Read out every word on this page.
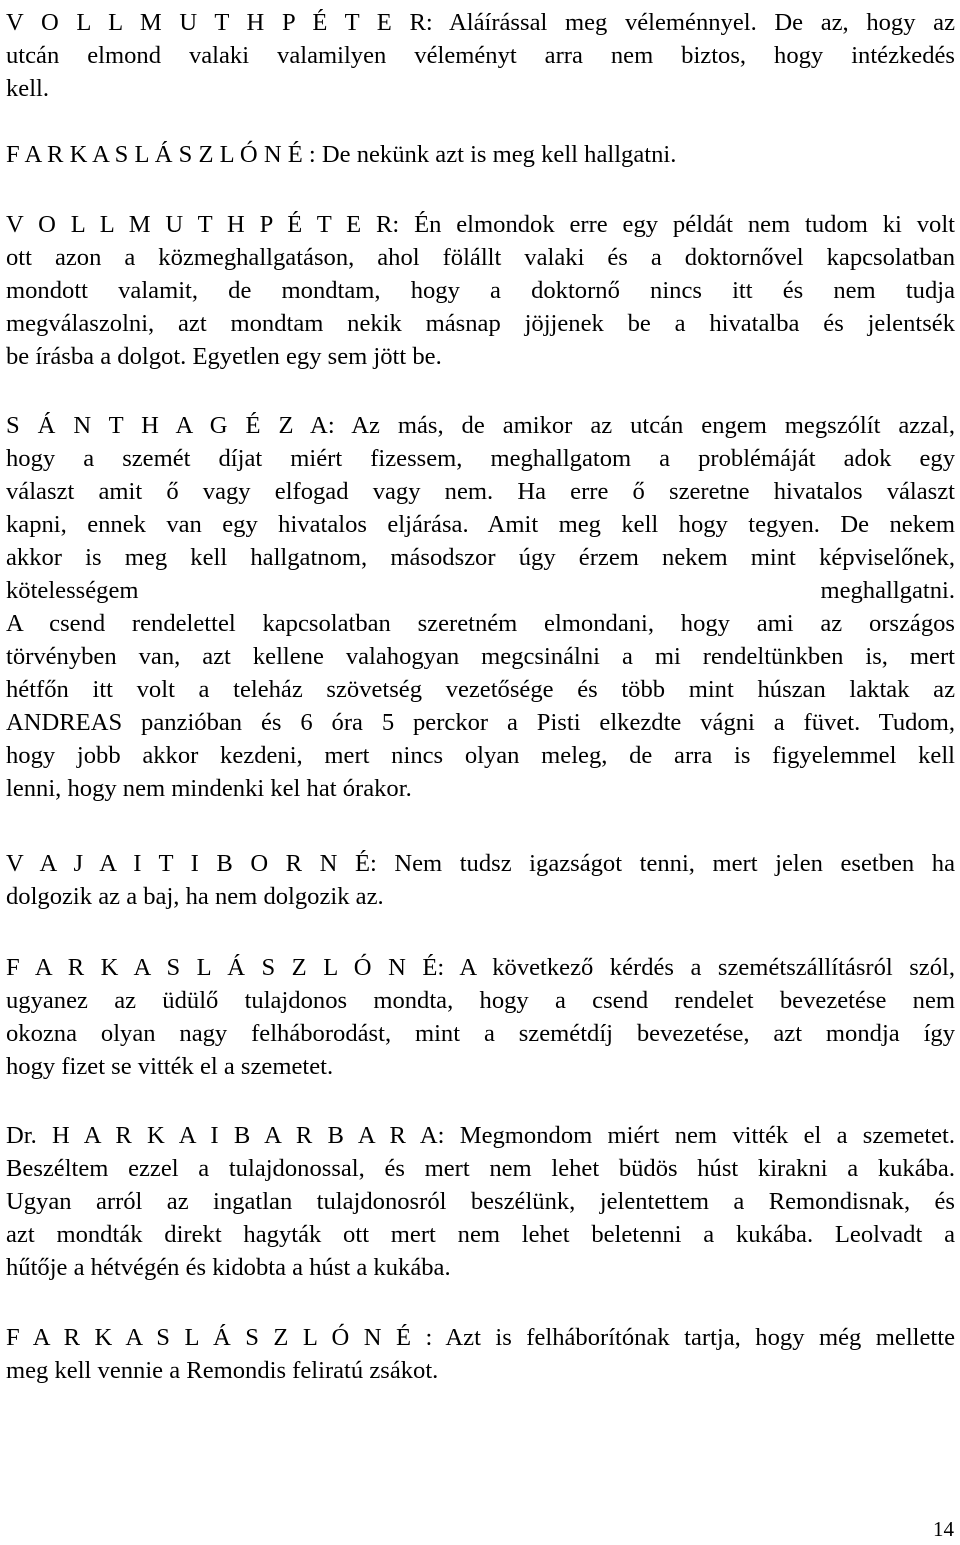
V O L L M U T H P É T E R: Aláírással meg véleménnyel. De az, hogy az
utcán elmond valaki valamilyen véleményt arra nem biztos, hogy intézkedés
kell.
F A R K A S L Á S Z L Ó N É : De nekünk azt is meg kell hallgatni.
V O L L M U T H P É T E R: Én elmondok erre egy példát nem tudom ki volt
ott azon a közmeghallgatáson, ahol fölállt valaki és a doktornővel kapcsolatban
mondott valamit, de mondtam, hogy a doktornő nincs itt és nem tudja
megválaszolni, azt mondtam nekik másnap jöjjenek be a hivatalba és jelentsék
be írásba a dolgot. Egyetlen egy sem jött be.
S Á N T H A G É Z A: Az más, de amikor az utcán engem megszólít azzal,
hogy a szemét díjat miért fizessem, meghallgatom a problémáját adok egy
választ amit ő vagy elfogad vagy nem. Ha erre ő szeretne hivatalos választ
kapni, ennek van egy hivatalos eljárása. Amit meg kell hogy tegyen. De nekem
akkor is meg kell hallgatnom, másodszor úgy érzem nekem mint képviselőnek,
kötelességem meghallgatni.
A csend rendelettel kapcsolatban szeretném elmondani, hogy ami az országos
törvényben van, azt kellene valahogyan megcsinálni a mi rendeltünkben is, mert
hétfőn itt volt a teleház szövetség vezetősége és több mint húszan laktak az
ANDREAS panzióban és 6 óra 5 perckor a Pisti elkezdte vágni a füvet. Tudom,
hogy jobb akkor kezdeni, mert nincs olyan meleg, de arra is figyelemmel kell
lenni, hogy nem mindenki kel hat órakor.
V A J A I T I B O R N É: Nem tudsz igazságot tenni, mert jelen esetben ha
dolgozik az a baj, ha nem dolgozik az.
F A R K A S L Á S Z L Ó N É: A következő kérdés a szemétszállításról szól,
ugyanez az üdülő tulajdonos mondta, hogy a csend rendelet bevezetése nem
okozna olyan nagy felháborodást, mint a szemétdíj bevezetése, azt mondja így
hogy fizet se vitték el a szemetet.
Dr. H A R K A I B A R B A R A: Megmondom miért nem vitték el a szemetet.
Beszéltem ezzel a tulajdonossal, és mert nem lehet büdös húst kirakni a kukába.
Ugyan arról az ingatlan tulajdonosról beszélünk, jelentettem a Remondisnak, és
azt mondták direkt hagyták ott mert nem lehet beletenni a kukába. Leolvadt a
hűtője a hétvégén és kidobta a húst a kukába.
F A R K A S L Á S Z L Ó N É : Azt is felháborítónak tartja, hogy még mellette
meg kell vennie a Remondis feliratú zsákot.
14
